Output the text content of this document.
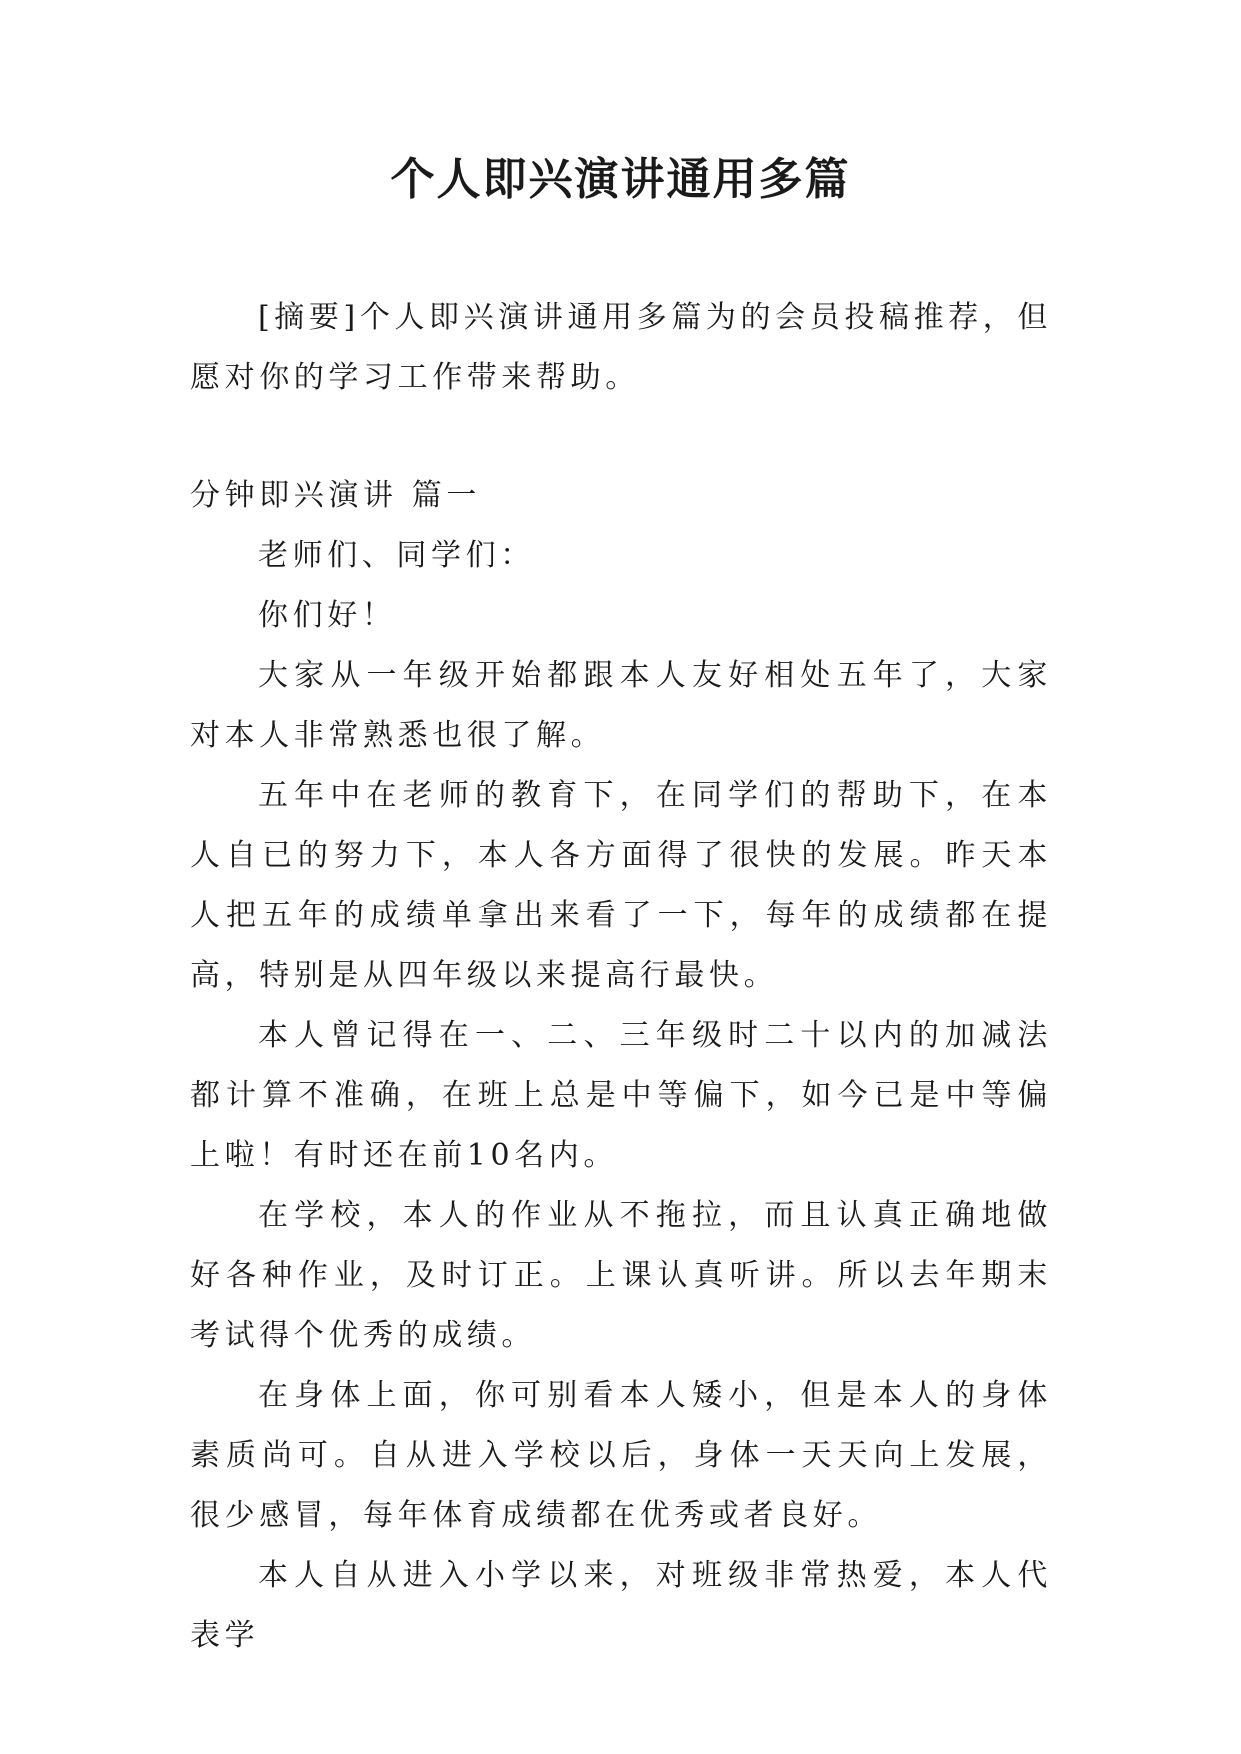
个人即兴演讲通用多篇

[摘要]个人即兴演讲通用多篇为的会员投稿推荐，但愿对你的学习工作带来帮助。

分钟即兴演讲 篇一

老师们、同学们：

你们好！

大家从一年级开始都跟本人友好相处五年了，大家对本人非常熟悉也很了解。

五年中在老师的教育下，在同学们的帮助下，在本人自已的努力下，本人各方面得了很快的发展。昨天本人把五年的成绩单拿出来看了一下，每年的成绩都在提高，特别是从四年级以来提高行最快。

本人曾记得在一、二、三年级时二十以内的加减法都计算不准确，在班上总是中等偏下，如今已是中等偏上啦！有时还在前10名内。

在学校，本人的作业从不拖拉，而且认真正确地做好各种作业，及时订正。上课认真听讲。所以去年期末考试得个优秀的成绩。

在身体上面，你可别看本人矮小，但是本人的身体素质尚可。自从进入学校以后，身体一天天向上发展，很少感冒，每年体育成绩都在优秀或者良好。

本人自从进入小学以来，对班级非常热爱，本人代表学
